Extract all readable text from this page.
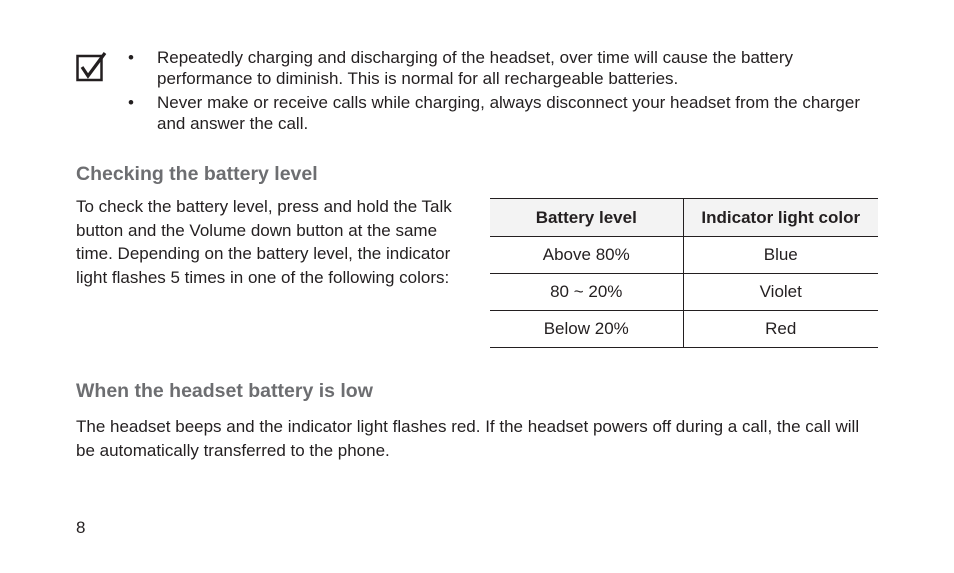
• Repeatedly charging and discharging of the headset, over time will cause the battery performance to diminish. This is normal for all rechargeable batteries.
• Never make or receive calls while charging, always disconnect your headset from the charger and answer the call.
Checking the battery level

To check the battery level, press and hold the Talk button and the Volume down button at the same time. Depending on the battery level, the indicator light flashes 5 times in one of the following colors:

Battery level	Indicator light color
Above 80%	Blue
80 ~ 20%	Violet
Below 20%	Red
When the headset battery is low

The headset beeps and the indicator light flashes red. If the headset powers off during a call, the call will be automatically transferred to the phone.

8
